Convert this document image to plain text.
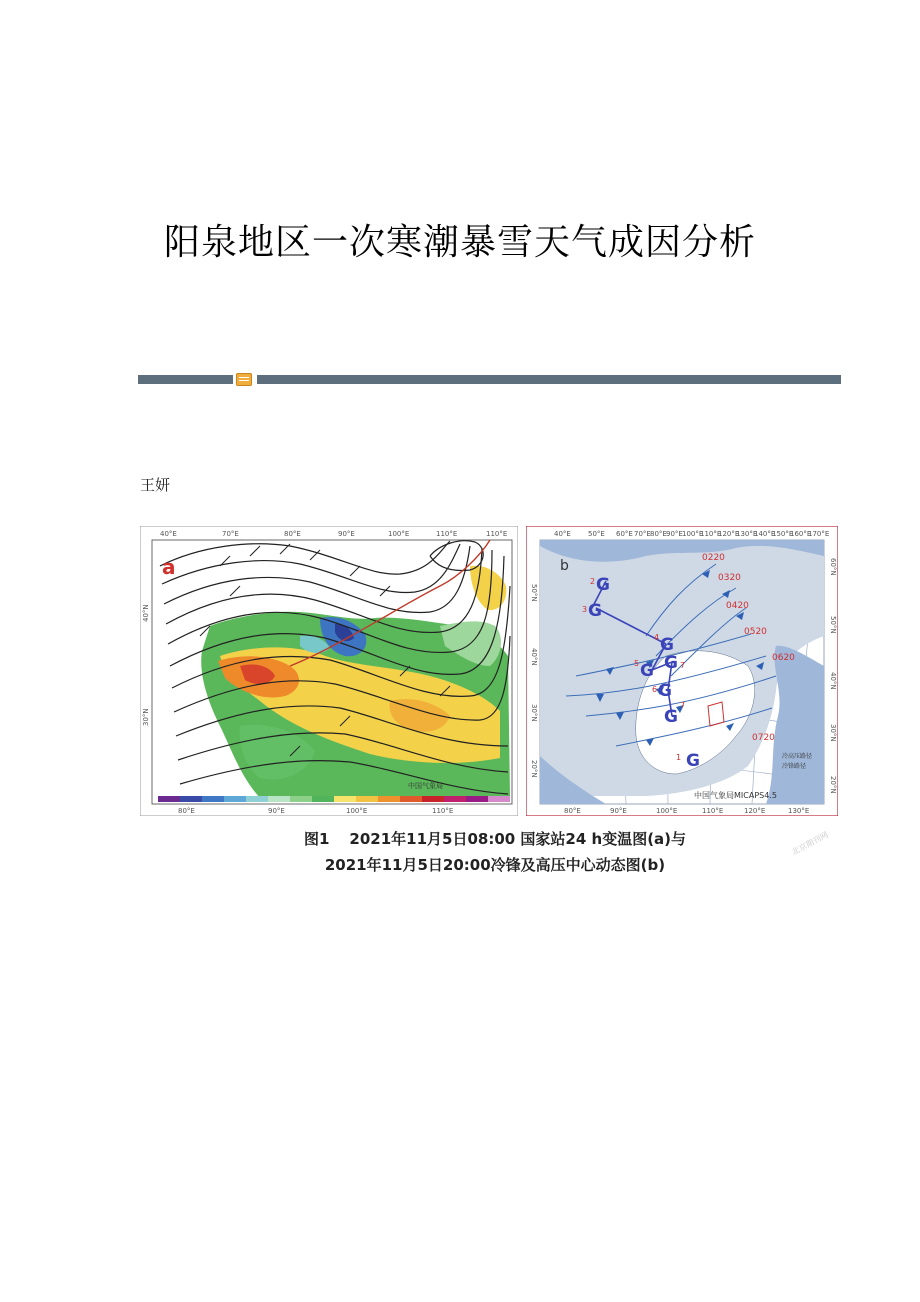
阳泉地区一次寒潮暴雪天气成因分析
王妍
a
40°E	70°E	80°E	90°E	100°E	110°E	110°E
80°E	90°E	100°E	110°E
40°N
30°N
中国气象局
40°E 50°E 60°E 70°E 80°E 90°E 100°E
110°E
120°E
130°E
140°E
150°E
160°E
170°E
80°E	90°E	100°E	110°E	120°E	130°E
50°N
40°N
30°N
20°N
60°N
50°N
40°N
30°N
20°N
b
G
G
G
G G
G
G
G
2
3
4
5
6
7
7
1
0220
0320
0420
0520
0620
0720
冷高压路径
冷锋路径
中国气象局MICAPS4.5
图1 2021年11月5日08:00 国家站24 h变温图(a)与
2021年11月5日20:00冷锋及高压中心动态图(b)
北京期刊网
